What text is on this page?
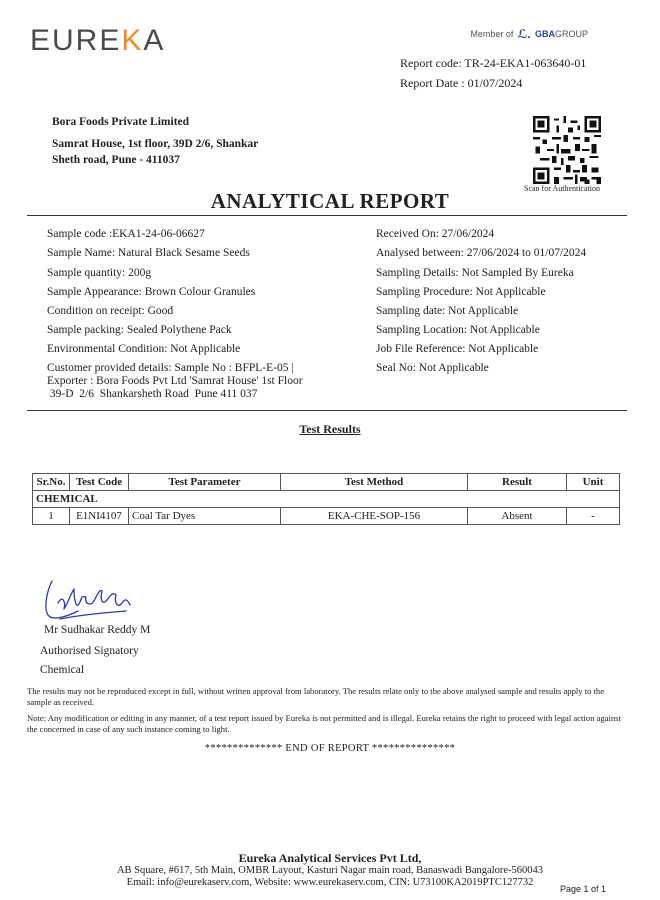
EUREKA	Member of ℒ. GBAGROUP
Report code: TR-24-EKA1-063640-01
Report Date : 01/07/2024
Bora Foods Private Limited
Samrat House, 1st floor, 39D 2/6, Shankar
Sheth road, Pune - 411037
Scan for Authentication
ANALYTICAL REPORT
Sample code :EKA1-24-06-06627
Sample Name: Natural Black Sesame Seeds
Sample quantity: 200g
Sample Appearance: Brown Colour Granules
Condition on receipt: Good
Sample packing: Sealed Polythene Pack
Environmental Condition: Not Applicable
Customer provided details: Sample No : BFPL-E-05 |
Exporter : Bora Foods Pvt Ltd 'Samrat House' 1st Floor
39-D  2/6  Shankarsheth Road  Pune 411 037
Received On: 27/06/2024
Analysed between: 27/06/2024 to 01/07/2024
Sampling Details: Not Sampled By Eureka
Sampling Procedure: Not Applicable
Sampling date: Not Applicable
Sampling Location: Not Applicable
Job File Reference: Not Applicable
Seal No: Not Applicable
Test Results
Sr.No.	Test Code	Test Parameter	Test Method	Result	Unit
CHEMICAL					
1	E1NI4107	Coal Tar Dyes	EKA-CHE-SOP-156	Absent	-
Mr Sudhakar Reddy M
Authorised Signatory
Chemical
The results may not be reproduced except in full, without written approval from laboratory. The results relate only to the above analysed sample and results apply to the sample as received.
Note: Any modification or editing in any manner, of a test report issued by Eureka is not permitted and is illegal. Eureka retains the right to proceed with legal action against the concerned in case of any such instance coming to light.
************** END OF REPORT ***************
Eureka Analytical Services Pvt Ltd,
AB Square, #617, 5th Main, OMBR Layout, Kasturi Nagar main road, Banaswadi Bangalore-560043
Email: info@eurekaserv.com, Website: www.eurekaserv.com, CIN: U73100KA2019PTC127732
Page 1 of 1
